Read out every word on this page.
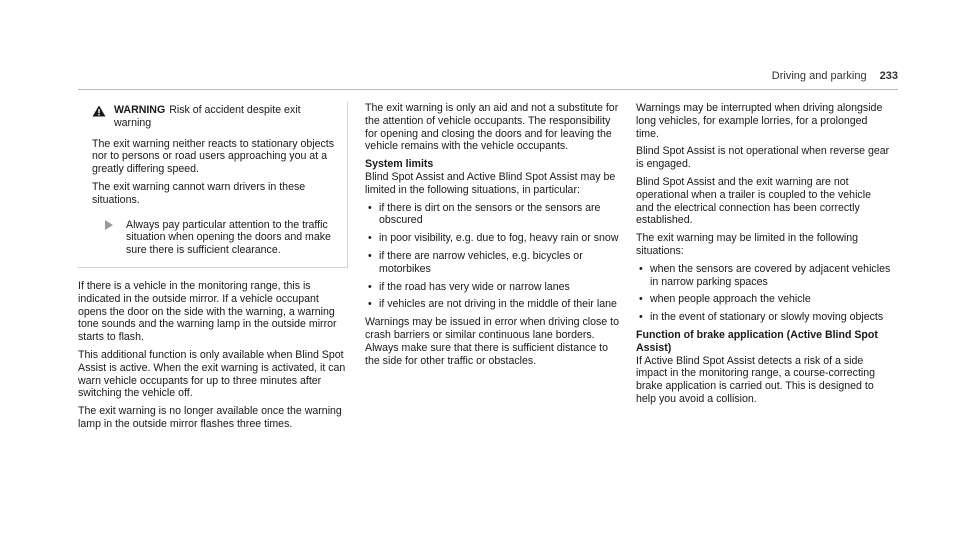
Driving and parking 233
WARNING Risk of accident despite exit warning

The exit warning neither reacts to stationary objects nor to persons or road users approaching you at a greatly differing speed.

The exit warning cannot warn drivers in these situations.

Always pay particular attention to the traffic situation when opening the doors and make sure there is sufficient clearance.

If there is a vehicle in the monitoring range, this is indicated in the outside mirror. If a vehicle occupant opens the door on the side with the warning, a warning tone sounds and the warning lamp in the outside mirror starts to flash.

This additional function is only available when Blind Spot Assist is active. When the exit warning is activated, it can warn vehicle occupants for up to three minutes after switching the vehicle off.

The exit warning is no longer available once the warning lamp in the outside mirror flashes three times.

The exit warning is only an aid and not a substitute for the attention of vehicle occupants. The responsibility for opening and closing the doors and for leaving the vehicle remains with the vehicle occupants.

System limits

Blind Spot Assist and Active Blind Spot Assist may be limited in the following situations, in particular:

• if there is dirt on the sensors or the sensors are obscured
• in poor visibility, e.g. due to fog, heavy rain or snow
• if there are narrow vehicles, e.g. bicycles or motorbikes
• if the road has very wide or narrow lanes
• if vehicles are not driving in the middle of their lane

Warnings may be issued in error when driving close to crash barriers or similar continuous lane borders. Always make sure that there is sufficient distance to the side for other traffic or obstacles.

Warnings may be interrupted when driving alongside long vehicles, for example lorries, for a prolonged time.

Blind Spot Assist is not operational when reverse gear is engaged.

Blind Spot Assist and the exit warning are not operational when a trailer is coupled to the vehicle and the electrical connection has been correctly established.

The exit warning may be limited in the following situations:

• when the sensors are covered by adjacent vehicles in narrow parking spaces
• when people approach the vehicle
• in the event of stationary or slowly moving objects

Function of brake application (Active Blind Spot Assist)

If Active Blind Spot Assist detects a risk of a side impact in the monitoring range, a course-correcting brake application is carried out. This is designed to help you avoid a collision.
